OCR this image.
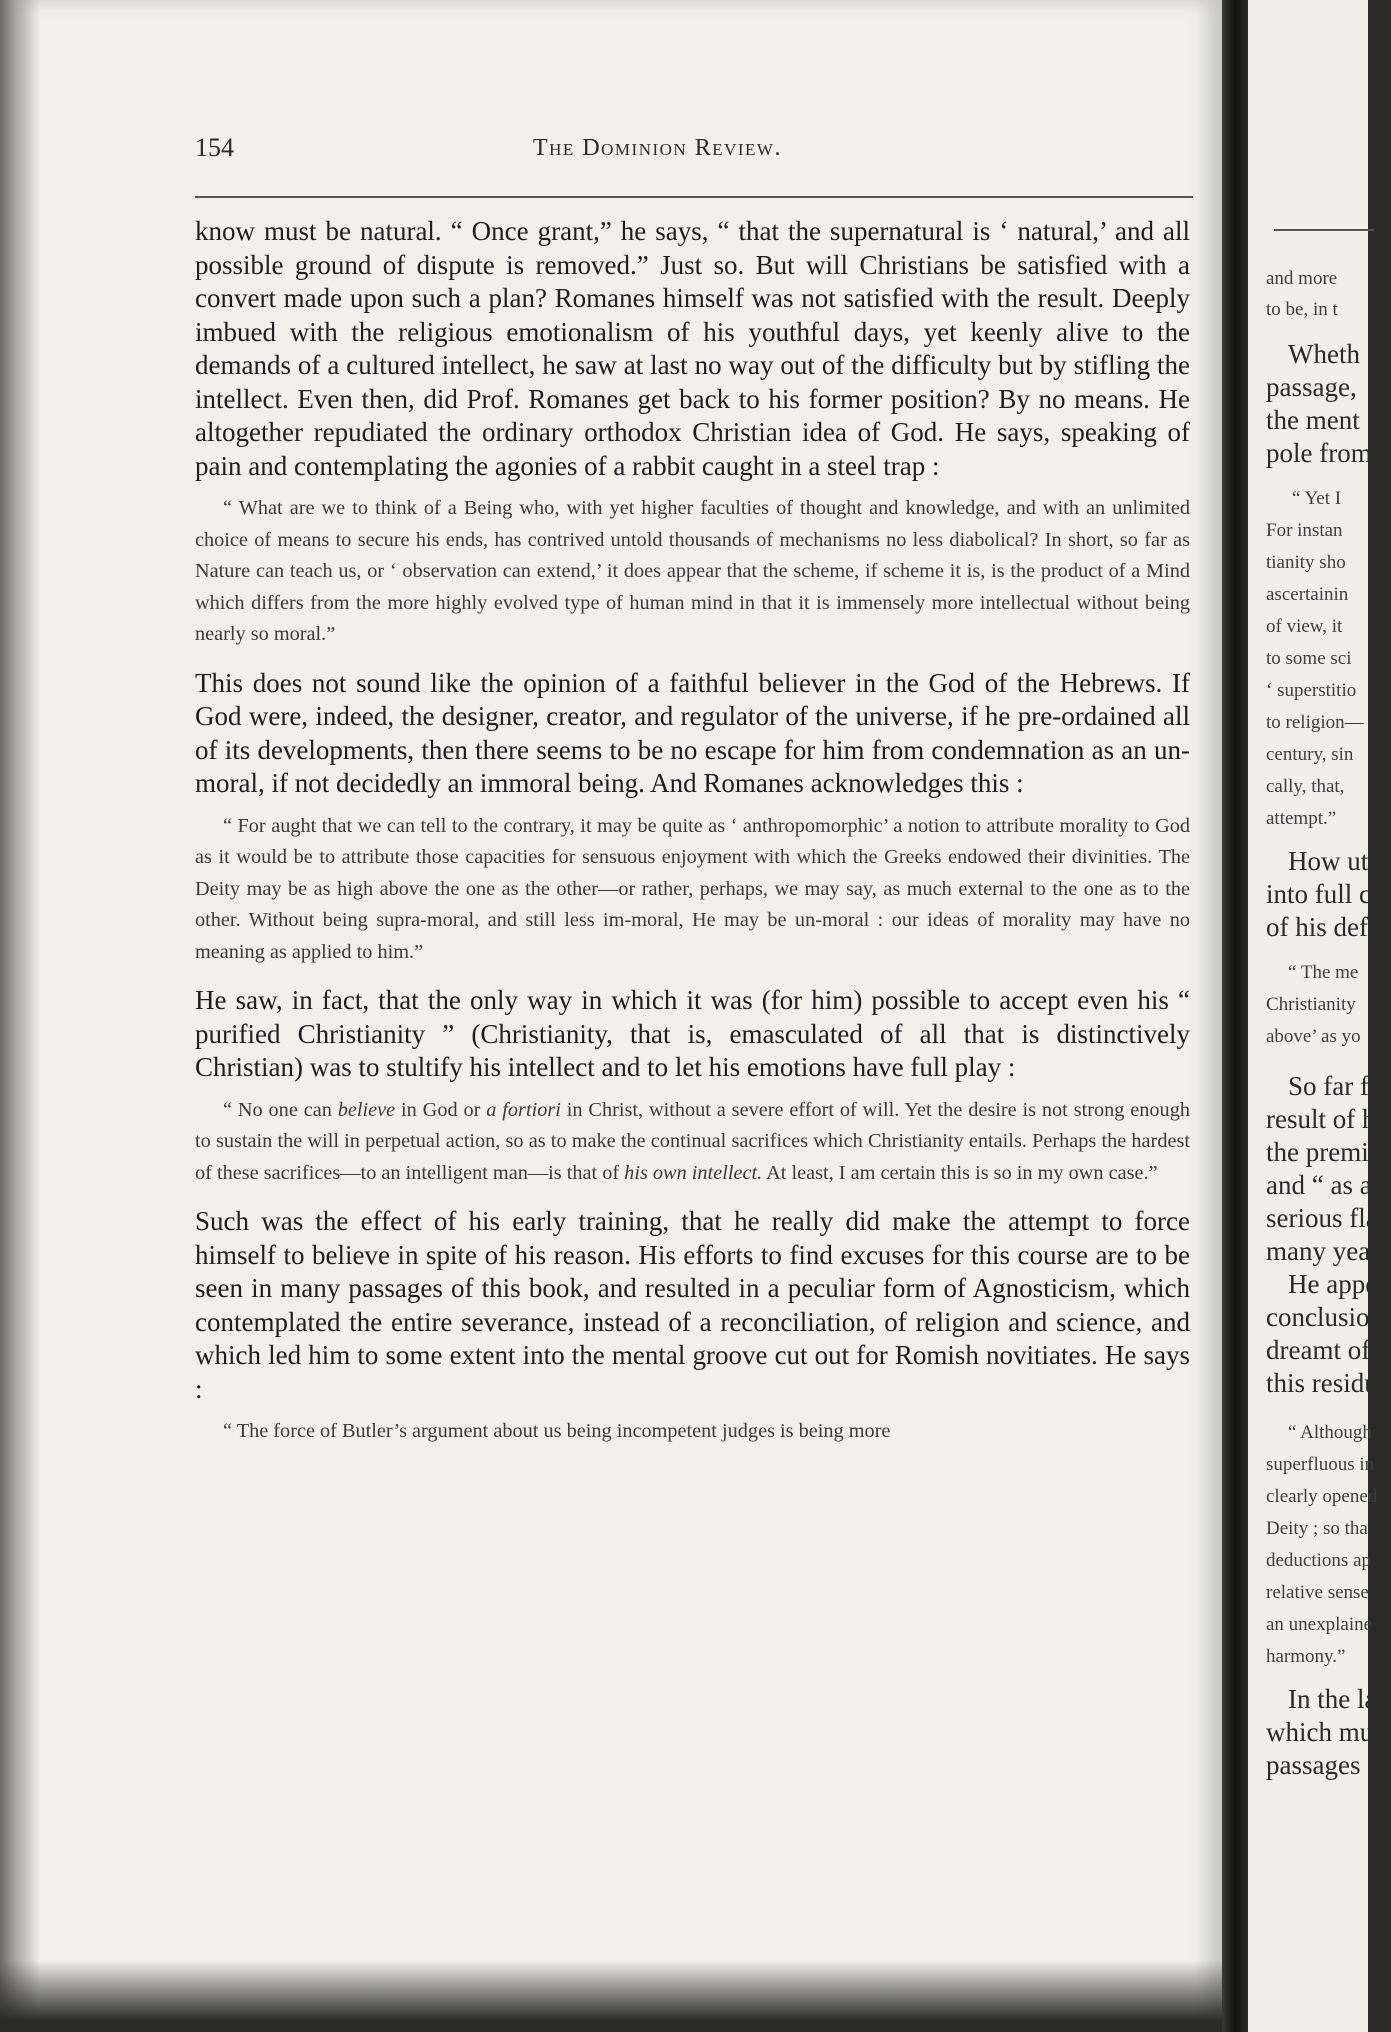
154	The Dominion Review.

know must be natural. “ Once grant,” he says, “ that the supernatural is ‘ natural,’ and all possible ground of dispute is removed.” Just so. But will Christians be satisfied with a convert made upon such a plan? Romanes himself was not satisfied with the result. Deeply imbued with the religious emotionalism of his youthful days, yet keenly alive to the demands of a cultured intellect, he saw at last no way out of the difficulty but by stifling the intellect. Even then, did Prof. Romanes get back to his former position? By no means. He altogether repudiated the ordinary orthodox Christian idea of God. He says, speaking of pain and contemplating the agonies of a rabbit caught in a steel trap :

“ What are we to think of a Being who, with yet higher faculties of thought and knowledge, and with an unlimited choice of means to secure his ends, has contrived untold thousands of mechanisms no less diabolical? In short, so far as Nature can teach us, or ‘ observation can extend,’ it does appear that the scheme, if scheme it is, is the product of a Mind which differs from the more highly evolved type of human mind in that it is immensely more intellectual without being nearly so moral.”

This does not sound like the opinion of a faithful believer in the God of the Hebrews. If God were, indeed, the designer, creator, and regulator of the universe, if he pre-ordained all of its developments, then there seems to be no escape for him from condemnation as an un-moral, if not decidedly an immoral being. And Romanes acknowledges this :

“ For aught that we can tell to the contrary, it may be quite as ‘ anthropomorphic’ a notion to attribute morality to God as it would be to attribute those capacities for sensuous enjoyment with which the Greeks endowed their divinities. The Deity may be as high above the one as the other—or rather, perhaps, we may say, as much external to the one as to the other. Without being supra-moral, and still less im-moral, He may be un-moral : our ideas of morality may have no meaning as applied to him.”

He saw, in fact, that the only way in which it was (for him) possible to accept even his “ purified Christianity ” (Christianity, that is, emasculated of all that is distinctively Christian) was to stultify his intellect and to let his emotions have full play :

“ No one can believe in God or a fortiori in Christ, without a severe effort of will. Yet the desire is not strong enough to sustain the will in perpetual action, so as to make the continual sacrifices which Christianity entails. Perhaps the hardest of these sacrifices—to an intelligent man—is that of his own intellect. At least, I am certain this is so in my own case.”

Such was the effect of his early training, that he really did make the attempt to force himself to believe in spite of his reason. His efforts to find excuses for this course are to be seen in many passages of this book, and resulted in a peculiar form of Agnosticism, which contemplated the entire severance, instead of a reconciliation, of religion and science, and which led him to some extent into the mental groove cut out for Romish novitiates. He says :

“ The force of Butler’s argument about us being incompetent judges is being more

and more
to be, in t
Wheth
passage,
the ment
pole from
“ Yet I
For instan
tianity sho
ascertainin
of view, it
to some sci
‘ superstitio
to religion—
century, sin
cally, that,
attempt.”
How ut
into full c
of his defi
“ The me
Christianity
above’ as yo
So far fr
result of hi
the premis
and “ as a
serious flav
many year
He appea
conclusion
dreamt of
this residuu
“ Although
superfluous in
clearly opened
Deity ; so tha
deductions ap
relative sense
an unexplaine
harmony.”
In the las
which must
passages so
